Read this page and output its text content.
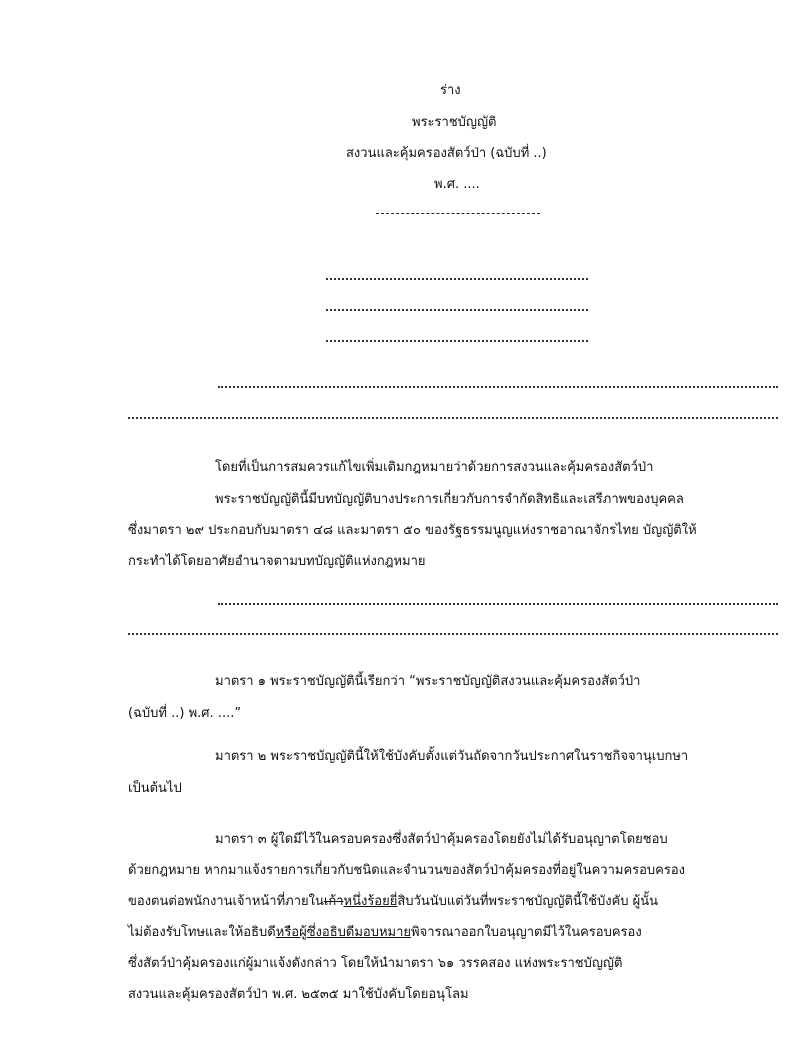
ร่าง
พระราชบัญญัติ
สงวนและคุ้มครองสัตว์ป่า (ฉบับที่ ..)
พ.ศ. ....
โดยที่เป็นการสมควรแก้ไขเพิ่มเติมกฎหมายว่าด้วยการสงวนและคุ้มครองสัตว์ป่า
พระราชบัญญัตินี้มีบทบัญญัติบางประการเกี่ยวกับการจำกัดสิทธิและเสรีภาพของบุคคล
ซึ่งมาตรา ๒๙ ประกอบกับมาตรา ๔๘ และมาตรา ๕๐ ของรัฐธรรมนูญแห่งราชอาณาจักรไทย บัญญัติให้
กระทำได้โดยอาศัยอำนาจตามบทบัญญัติแห่งกฎหมาย
มาตรา ๑ พระราชบัญญัตินี้เรียกว่า “พระราชบัญญัติสงวนและคุ้มครองสัตว์ป่า
(ฉบับที่ ..) พ.ศ. ....”
มาตรา ๒ พระราชบัญญัตินี้ให้ใช้บังคับตั้งแต่วันถัดจากวันประกาศในราชกิจจานุเบกษา
เป็นต้นไป
มาตรา ๓ ผู้ใดมีไว้ในครอบครองซึ่งสัตว์ป่าคุ้มครองโดยยังไม่ได้รับอนุญาตโดยชอบ
ด้วยกฎหมาย หากมาแจ้งรายการเกี่ยวกับชนิดและจำนวนของสัตว์ป่าคุ้มครองที่อยู่ในความครอบครอง
ของตนต่อพนักงานเจ้าหน้าที่ภายในเก้าหนึ่งร้อยยี่สิบวันนับแต่วันที่พระราชบัญญัตินี้ใช้บังคับ ผู้นั้น
ไม่ต้องรับโทษและให้อธิบดีหรือผู้ซึ่งอธิบดีมอบหมายพิจารณาออกใบอนุญาตมีไว้ในครอบครอง
ซึ่งสัตว์ป่าคุ้มครองแก่ผู้มาแจ้งดังกล่าว โดยให้นำมาตรา ๖๑ วรรคสอง แห่งพระราชบัญญัติ
สงวนและคุ้มครองสัตว์ป่า พ.ศ. ๒๕๓๕ มาใช้บังคับโดยอนุโลม
